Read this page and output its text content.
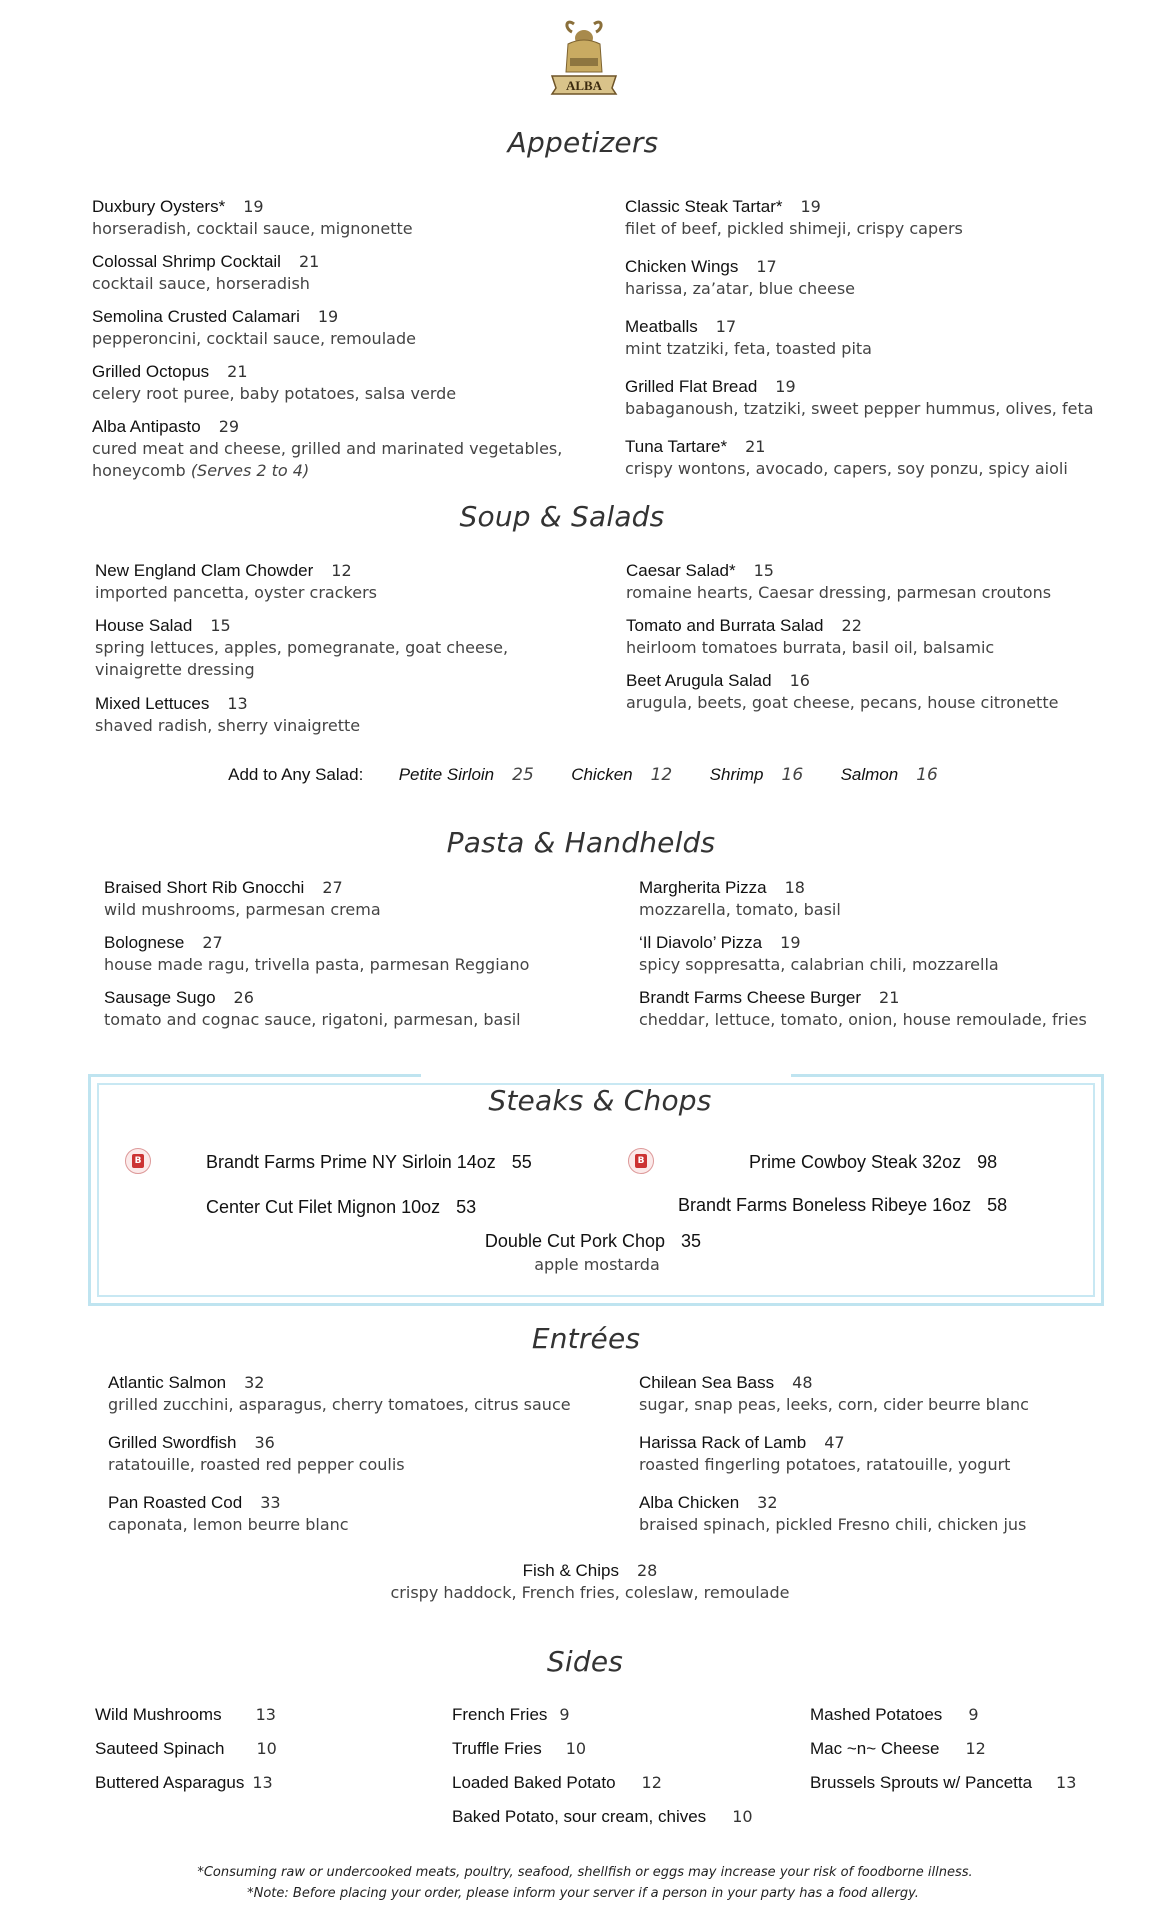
ALBA
Appetizers
Duxbury Oysters* 19
horseradish, cocktail sauce, mignonette
Colossal Shrimp Cocktail 21
cocktail sauce, horseradish
Semolina Crusted Calamari 19
pepperoncini, cocktail sauce, remoulade
Grilled Octopus 21
celery root puree, baby potatoes, salsa verde
Alba Antipasto 29
cured meat and cheese, grilled and marinated vegetables,
honeycomb (Serves 2 to 4)
Classic Steak Tartar* 19
filet of beef, pickled shimeji, crispy capers
Chicken Wings 17
harissa, za’atar, blue cheese
Meatballs 17
mint tzatziki, feta, toasted pita
Grilled Flat Bread 19
babaganoush, tzatziki, sweet pepper hummus, olives, feta
Tuna Tartare* 21
crispy wontons, avocado, capers, soy ponzu, spicy aioli
Soup & Salads
New England Clam Chowder 12
imported pancetta, oyster crackers
House Salad 15
spring lettuces, apples, pomegranate, goat cheese,
vinaigrette dressing
Mixed Lettuces 13
shaved radish, sherry vinaigrette
Caesar Salad* 15
romaine hearts, Caesar dressing, parmesan croutons
Tomato and Burrata Salad 22
heirloom tomatoes burrata, basil oil, balsamic
Beet Arugula Salad 16
arugula, beets, goat cheese, pecans, house citronette
Add to Any Salad: Petite Sirloin 25 Chicken 12 Shrimp 16 Salmon 16
Pasta & Handhelds
Braised Short Rib Gnocchi 27
wild mushrooms, parmesan crema
Bolognese 27
house made ragu, trivella pasta, parmesan Reggiano
Sausage Sugo 26
tomato and cognac sauce, rigatoni, parmesan, basil
Margherita Pizza 18
mozzarella, tomato, basil
‘Il Diavolo’ Pizza 19
spicy soppresatta, calabrian chili, mozzarella
Brandt Farms Cheese Burger 21
cheddar, lettuce, tomato, onion, house remoulade, fries
Steaks & Chops
B	B
Brandt Farms Prime NY Sirloin 14oz 55	Prime Cowboy Steak 32oz 98
Center Cut Filet Mignon 10oz 53	Brandt Farms Boneless Ribeye 16oz 58
Double Cut Pork Chop 35
apple mostarda
Entrées
Atlantic Salmon 32
grilled zucchini, asparagus, cherry tomatoes, citrus sauce
Grilled Swordfish 36
ratatouille, roasted red pepper coulis
Pan Roasted Cod 33
caponata, lemon beurre blanc
Chilean Sea Bass 48
sugar, snap peas, leeks, corn, cider beurre blanc
Harissa Rack of Lamb 47
roasted fingerling potatoes, ratatouille, yogurt
Alba Chicken 32
braised spinach, pickled Fresno chili, chicken jus
Fish & Chips 28
crispy haddock, French fries, coleslaw, remoulade
Sides
Wild Mushrooms 13
Sauteed Spinach 10
Buttered Asparagus 13
French Fries 9
Truffle Fries 10
Loaded Baked Potato 12
Baked Potato, sour cream, chives 10
Mashed Potatoes 9
Mac ~n~ Cheese 12
Brussels Sprouts w/ Pancetta 13
*Consuming raw or undercooked meats, poultry, seafood, shellfish or eggs may increase your risk of foodborne illness.
*Note: Before placing your order, please inform your server if a person in your party has a food allergy.
